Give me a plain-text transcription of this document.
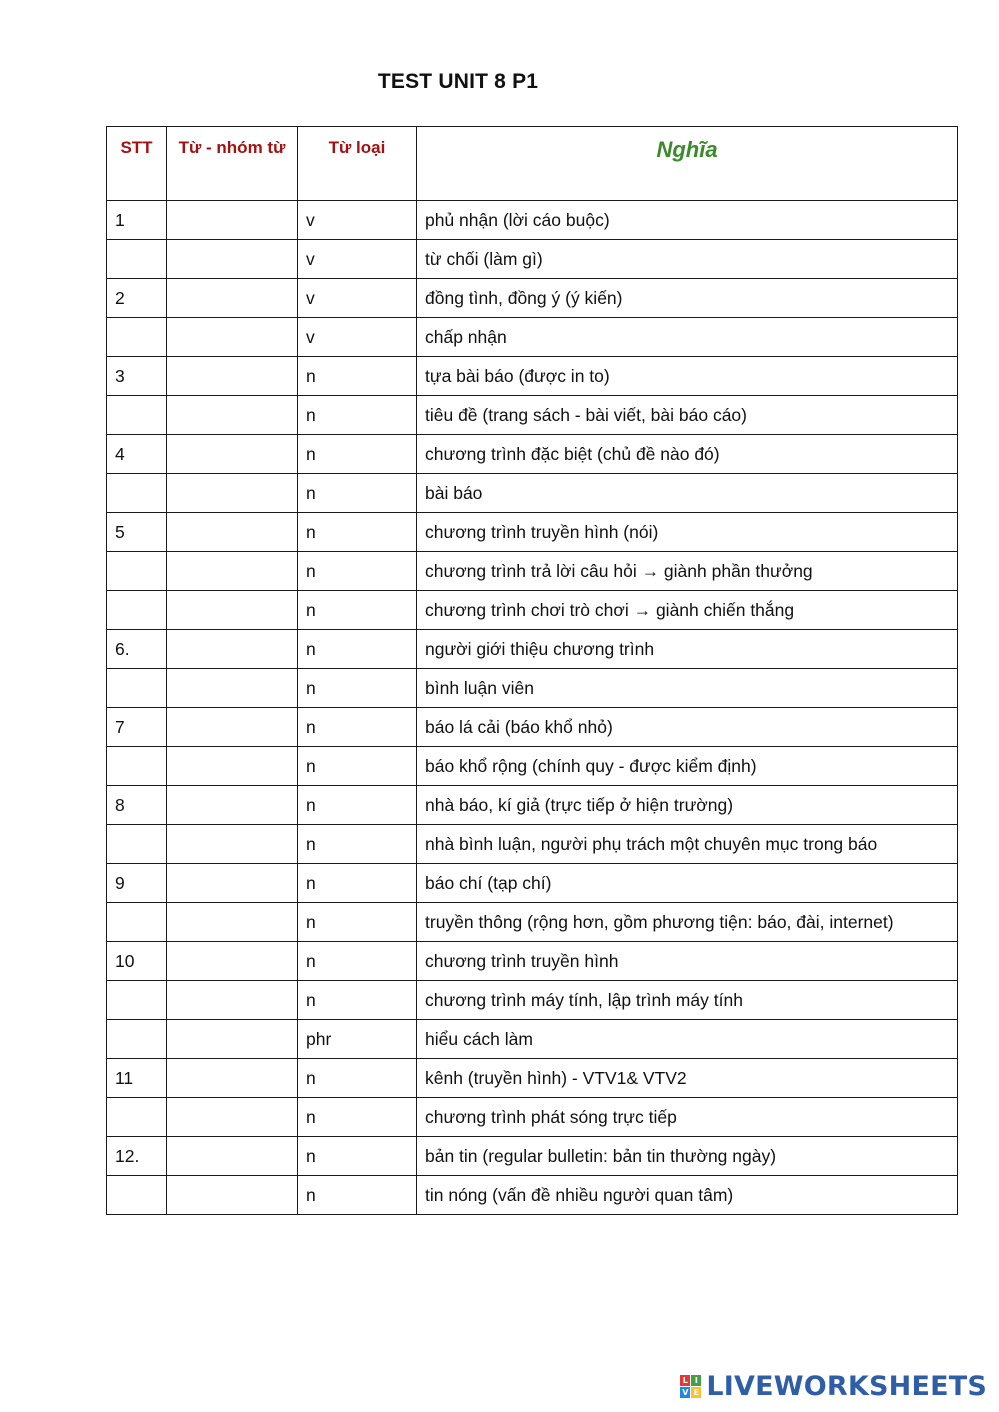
TEST UNIT 8 P1
STT	Từ - nhóm từ	Từ loại	Nghĩa
1		v	phủ nhận (lời cáo buộc)
		v	từ chối (làm gì)
2		v	đồng tình, đồng ý (ý kiến)
		v	chấp nhận
3		n	tựa bài báo (được in to)
		n	tiêu đề (trang sách - bài viết, bài báo cáo)
4		n	chương trình đặc biệt (chủ đề nào đó)
		n	bài báo
5		n	chương trình truyền hình (nói)
		n	chương trình trả lời câu hỏi → giành phần thưởng
		n	chương trình chơi trò chơi → giành chiến thắng
6.		n	người giới thiệu chương trình
		n	bình luận viên
7		n	báo lá cải (báo khổ nhỏ)
		n	báo khổ rộng (chính quy - được kiểm định)
8		n	nhà báo, kí giả (trực tiếp ở hiện trường)
		n	nhà bình luận, người phụ trách một chuyên mục trong báo
9		n	báo chí (tạp chí)
		n	truyền thông (rộng hơn, gồm phương tiện: báo, đài, internet)
10		n	chương trình truyền hình
		n	chương trình máy tính, lập trình máy tính
		phr	hiểu cách làm
11		n	kênh (truyền hình) - VTV1& VTV2
		n	chương trình phát sóng trực tiếp
12.		n	bản tin (regular bulletin: bản tin thường ngày)
		n	tin nóng (vấn đề nhiều người quan tâm)
L I
V E LIVEWORKSHEETS
